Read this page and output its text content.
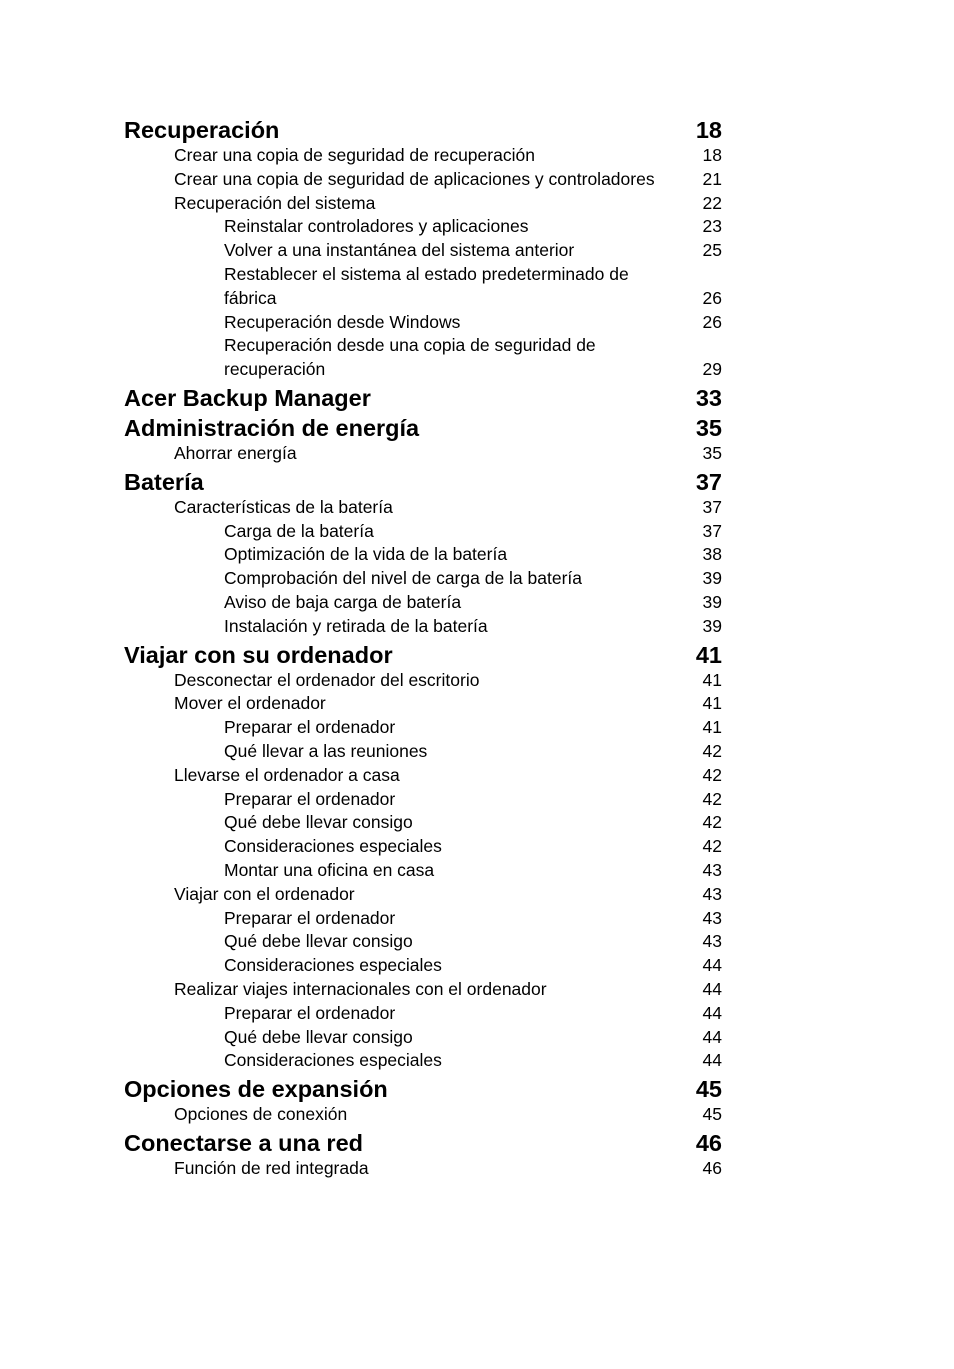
Recuperación	18
Crear una copia de seguridad de recuperación	18
Crear una copia de seguridad de aplicaciones y controladores	21
Recuperación del sistema	22
Reinstalar controladores y aplicaciones	23
Volver a una instantánea del sistema anterior	25
Restablecer el sistema al estado predeterminado de fábrica	26
Recuperación desde Windows	26
Recuperación desde una copia de seguridad de recuperación	29
Acer Backup Manager	33
Administración de energía	35
Ahorrar energía	35
Batería	37
Características de la batería	37
Carga de la batería	37
Optimización de la vida de la batería	38
Comprobación del nivel de carga de la batería	39
Aviso de baja carga de batería	39
Instalación y retirada de la batería	39
Viajar con su ordenador	41
Desconectar el ordenador del escritorio	41
Mover el ordenador	41
Preparar el ordenador	41
Qué llevar a las reuniones	42
Llevarse el ordenador a casa	42
Preparar el ordenador	42
Qué debe llevar consigo	42
Consideraciones especiales	42
Montar una oficina en casa	43
Viajar con el ordenador	43
Preparar el ordenador	43
Qué debe llevar consigo	43
Consideraciones especiales	44
Realizar viajes internacionales con el ordenador	44
Preparar el ordenador	44
Qué debe llevar consigo	44
Consideraciones especiales	44
Opciones de expansión	45
Opciones de conexión	45
Conectarse a una red	46
Función de red integrada	46
